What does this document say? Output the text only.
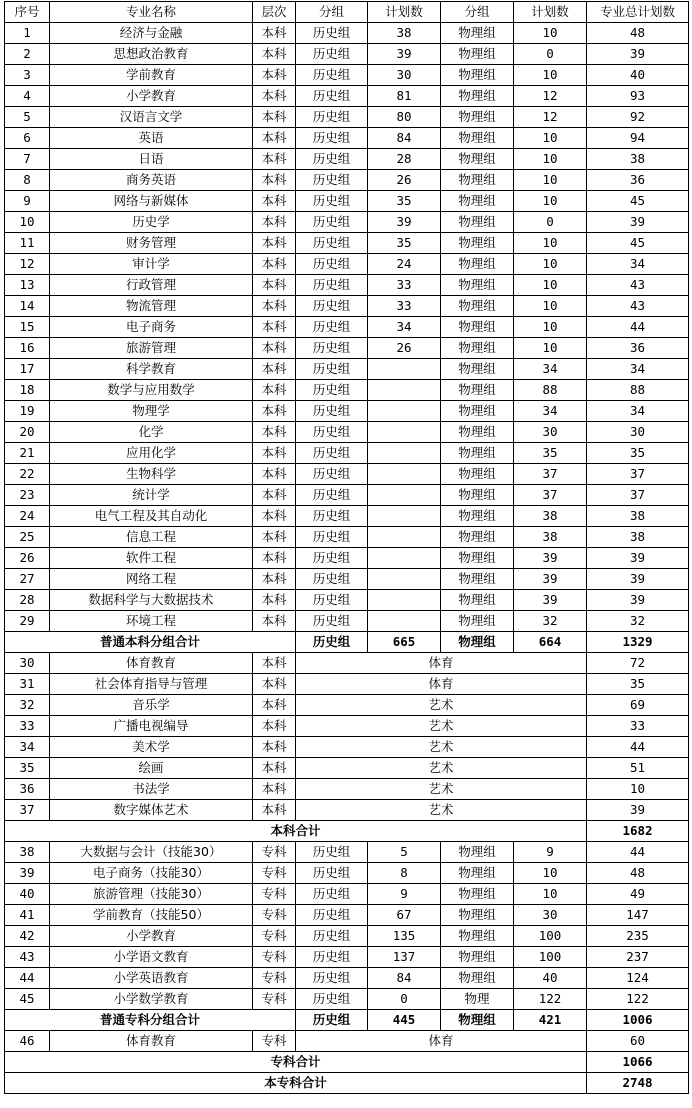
序号	专业名称	层次	分组	计划数	分组	计划数	专业总计划数
1	经济与金融	本科	历史组	38	物理组	10	48
2	思想政治教育	本科	历史组	39	物理组	0	39
3	学前教育	本科	历史组	30	物理组	10	40
4	小学教育	本科	历史组	81	物理组	12	93
5	汉语言文学	本科	历史组	80	物理组	12	92
6	英语	本科	历史组	84	物理组	10	94
7	日语	本科	历史组	28	物理组	10	38
8	商务英语	本科	历史组	26	物理组	10	36
9	网络与新媒体	本科	历史组	35	物理组	10	45
10	历史学	本科	历史组	39	物理组	0	39
11	财务管理	本科	历史组	35	物理组	10	45
12	审计学	本科	历史组	24	物理组	10	34
13	行政管理	本科	历史组	33	物理组	10	43
14	物流管理	本科	历史组	33	物理组	10	43
15	电子商务	本科	历史组	34	物理组	10	44
16	旅游管理	本科	历史组	26	物理组	10	36
17	科学教育	本科	历史组		物理组	34	34
18	数学与应用数学	本科	历史组		物理组	88	88
19	物理学	本科	历史组		物理组	34	34
20	化学	本科	历史组		物理组	30	30
21	应用化学	本科	历史组		物理组	35	35
22	生物科学	本科	历史组		物理组	37	37
23	统计学	本科	历史组		物理组	37	37
24	电气工程及其自动化	本科	历史组		物理组	38	38
25	信息工程	本科	历史组		物理组	38	38
26	软件工程	本科	历史组		物理组	39	39
27	网络工程	本科	历史组		物理组	39	39
28	数据科学与大数据技术	本科	历史组		物理组	39	39
29	环境工程	本科	历史组		物理组	32	32
普通本科分组合计			历史组	665	物理组	664	1329
30	体育教育	本科	体育				72
31	社会体育指导与管理	本科	体育				35
32	音乐学	本科	艺术				69
33	广播电视编导	本科	艺术				33
34	美术学	本科	艺术				44
35	绘画	本科	艺术				51
36	书法学	本科	艺术				10
37	数字媒体艺术	本科	艺术				39
本科合计							1682
38	大数据与会计（技能30）	专科	历史组	5	物理组	9	44
39	电子商务（技能30）	专科	历史组	8	物理组	10	48
40	旅游管理（技能30）	专科	历史组	9	物理组	10	49
41	学前教育（技能50）	专科	历史组	67	物理组	30	147
42	小学教育	专科	历史组	135	物理组	100	235
43	小学语文教育	专科	历史组	137	物理组	100	237
44	小学英语教育	专科	历史组	84	物理组	40	124
45	小学数学教育	专科	历史组	0	物理	122	122
普通专科分组合计			历史组	445	物理组	421	1006
46	体育教育	专科	体育				60
专科合计							1066
本专科合计							2748
